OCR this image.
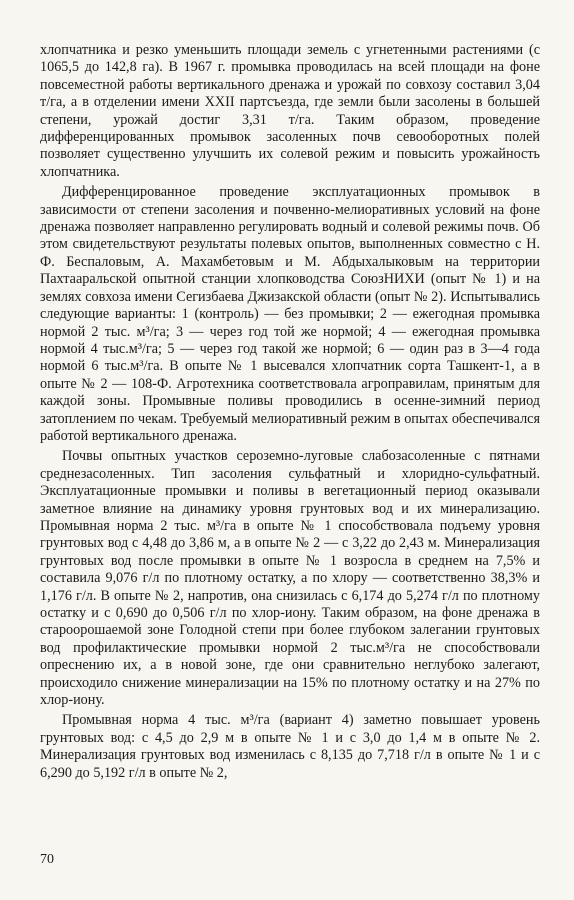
хлопчатника и резко уменьшить площади земель с угнетенными растениями (с 1065,5 до 142,8 га). В 1967 г. промывка проводилась на всей площади на фоне повсеместной работы вертикального дренажа и урожай по совхозу составил 3,04 т/га, а в отделении имени XXII партсъезда, где земли были засолены в большей степени, урожай достиг 3,31 т/га. Таким образом, проведение дифференцированных промывок засоленных почв севооборотных полей позволяет существенно улучшить их солевой режим и повысить урожайность хлопчатника.

Дифференцированное проведение эксплуатационных промывок в зависимости от степени засоления и почвенно-мелиоративных условий на фоне дренажа позволяет направленно регулировать водный и солевой режимы почв. Об этом свидетельствуют результаты полевых опытов, выполненных совместно с Н. Ф. Беспаловым, А. Махамбетовым и М. Абдыхалыковым на территории Пахтааральской опытной станции хлопководства СоюзНИХИ (опыт № 1) и на землях совхоза имени Сегизбаева Джизакской области (опыт № 2). Испытывались следующие варианты: 1 (контроль) — без промывки; 2 — ежегодная промывка нормой 2 тыс. м³/га; 3 — через год той же нормой; 4 — ежегодная промывка нормой 4 тыс.м³/га; 5 — через год такой же нормой; 6 — один раз в 3—4 года нормой 6 тыс.м³/га. В опыте № 1 высевался хлопчатник сорта Ташкент-1, а в опыте № 2 — 108-Ф. Агротехника соответствовала агроправилам, принятым для каждой зоны. Промывные поливы проводились в осенне-зимний период затоплением по чекам. Требуемый мелиоративный режим в опытах обеспечивался работой вертикального дренажа.

Почвы опытных участков сероземно-луговые слабозасоленные с пятнами среднезасоленных. Тип засоления сульфатный и хлоридно-сульфатный. Эксплуатационные промывки и поливы в вегетационный период оказывали заметное влияние на динамику уровня грунтовых вод и их минерализацию. Промывная норма 2 тыс. м³/га в опыте № 1 способствовала подъему уровня грунтовых вод с 4,48 до 3,86 м, а в опыте № 2 — с 3,22 до 2,43 м. Минерализация грунтовых вод после промывки в опыте № 1 возросла в среднем на 7,5% и составила 9,076 г/л по плотному остатку, а по хлору — соответственно 38,3% и 1,176 г/л. В опыте № 2, напротив, она снизилась с 6,174 до 5,274 г/л по плотному остатку и с 0,690 до 0,506 г/л по хлор-иону. Таким образом, на фоне дренажа в староорошаемой зоне Голодной степи при более глубоком залегании грунтовых вод профилактические промывки нормой 2 тыс.м³/га не способствовали опреснению их, а в новой зоне, где они сравнительно неглубоко залегают, происходило снижение минерализации на 15% по плотному остатку и на 27% по хлор-иону.

Промывная норма 4 тыс. м³/га (вариант 4) заметно повышает уровень грунтовых вод: с 4,5 до 2,9 м в опыте № 1 и с 3,0 до 1,4 м в опыте № 2. Минерализация грунтовых вод изменилась с 8,135 до 7,718 г/л в опыте № 1 и с 6,290 до 5,192 г/л в опыте № 2,

70
